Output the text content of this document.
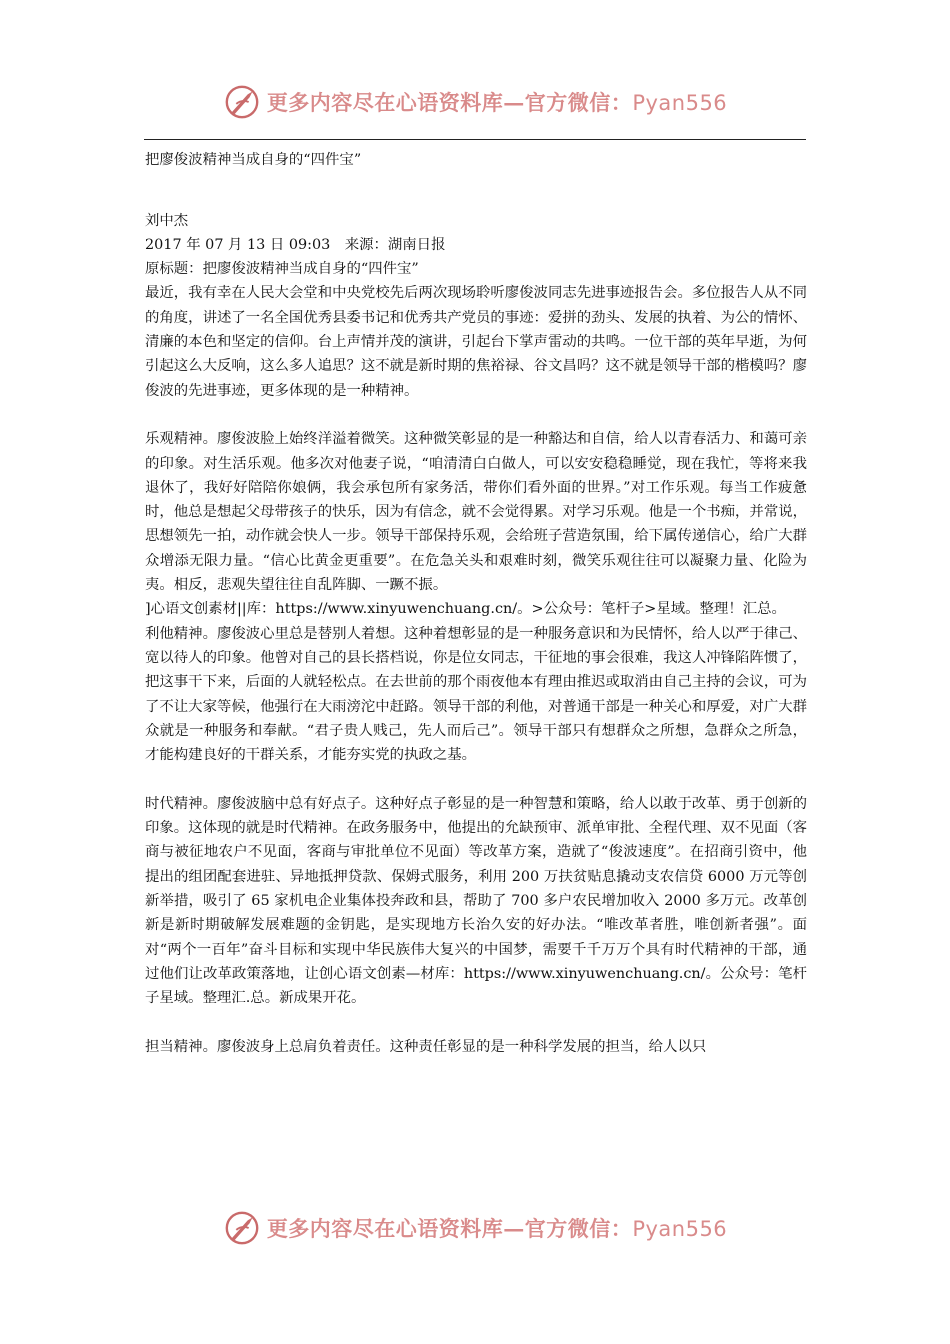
更多内容尽在心语资料库—官方微信：Pyan556

把廖俊波精神当成自身的“四件宝”

刘中杰

2017 年 07 月 13 日 09:03　来源：湖南日报

原标题：把廖俊波精神当成自身的“四件宝”

最近，我有幸在人民大会堂和中央党校先后两次现场聆听廖俊波同志先进事迹报告会。多位报告人从不同的角度，讲述了一名全国优秀县委书记和优秀共产党员的事迹：爱拼的劲头、发展的执着、为公的情怀、清廉的本色和坚定的信仰。台上声情并茂的演讲，引起台下掌声雷动的共鸣。一位干部的英年早逝，为何引起这么大反响，这么多人追思？这不就是新时期的焦裕禄、谷文昌吗？这不就是领导干部的楷模吗？廖俊波的先进事迹，更多体现的是一种精神。

乐观精神。廖俊波脸上始终洋溢着微笑。这种微笑彰显的是一种豁达和自信，给人以青春活力、和蔼可亲的印象。对生活乐观。他多次对他妻子说，“咱清清白白做人，可以安安稳稳睡觉，现在我忙，等将来我退休了，我好好陪陪你娘俩，我会承包所有家务活，带你们看外面的世界。”对工作乐观。每当工作疲惫时，他总是想起父母带孩子的快乐，因为有信念，就不会觉得累。对学习乐观。他是一个书痴，并常说，思想领先一拍，动作就会快人一步。领导干部保持乐观，会给班子营造氛围，给下属传递信心，给广大群众增添无限力量。“信心比黄金更重要”。在危急关头和艰难时刻，微笑乐观往往可以凝聚力量、化险为夷。相反，悲观失望往往自乱阵脚、一蹶不振。

]心语文创素材||库：https://www.xinyuwenchuang.cn/。>公众号：笔杆子>星域。整理！汇总。

利他精神。廖俊波心里总是替别人着想。这种着想彰显的是一种服务意识和为民情怀，给人以严于律己、宽以待人的印象。他曾对自己的县长搭档说，你是位女同志，干征地的事会很难，我这人冲锋陷阵惯了，把这事干下来，后面的人就轻松点。在去世前的那个雨夜他本有理由推迟或取消由自己主持的会议，可为了不让大家等候，他强行在大雨滂沱中赶路。领导干部的利他，对普通干部是一种关心和厚爱，对广大群众就是一种服务和奉献。“君子贵人贱己，先人而后己”。领导干部只有想群众之所想，急群众之所急，才能构建良好的干群关系，才能夯实党的执政之基。

时代精神。廖俊波脑中总有好点子。这种好点子彰显的是一种智慧和策略，给人以敢于改革、勇于创新的印象。这体现的就是时代精神。在政务服务中，他提出的允缺预审、派单审批、全程代理、双不见面（客商与被征地农户不见面，客商与审批单位不见面）等改革方案，造就了“俊波速度”。在招商引资中，他提出的组团配套进驻、异地抵押贷款、保姆式服务，利用 200 万扶贫贴息撬动支农信贷 6000 万元等创新举措，吸引了 65 家机电企业集体投奔政和县，帮助了 700 多户农民增加收入 2000 多万元。改革创新是新时期破解发展难题的金钥匙，是实现地方长治久安的好办法。“唯改革者胜，唯创新者强”。面对“两个一百年”奋斗目标和实现中华民族伟大复兴的中国梦，需要千千万万个具有时代精神的干部，通过他们让改革政策落地，让创心语文创素—材库：https://www.xinyuwenchuang.cn/。公众号：笔杆子星域。整理汇.总。新成果开花。

担当精神。廖俊波身上总肩负着责任。这种责任彰显的是一种科学发展的担当，给人以只

更多内容尽在心语资料库—官方微信：Pyan556
